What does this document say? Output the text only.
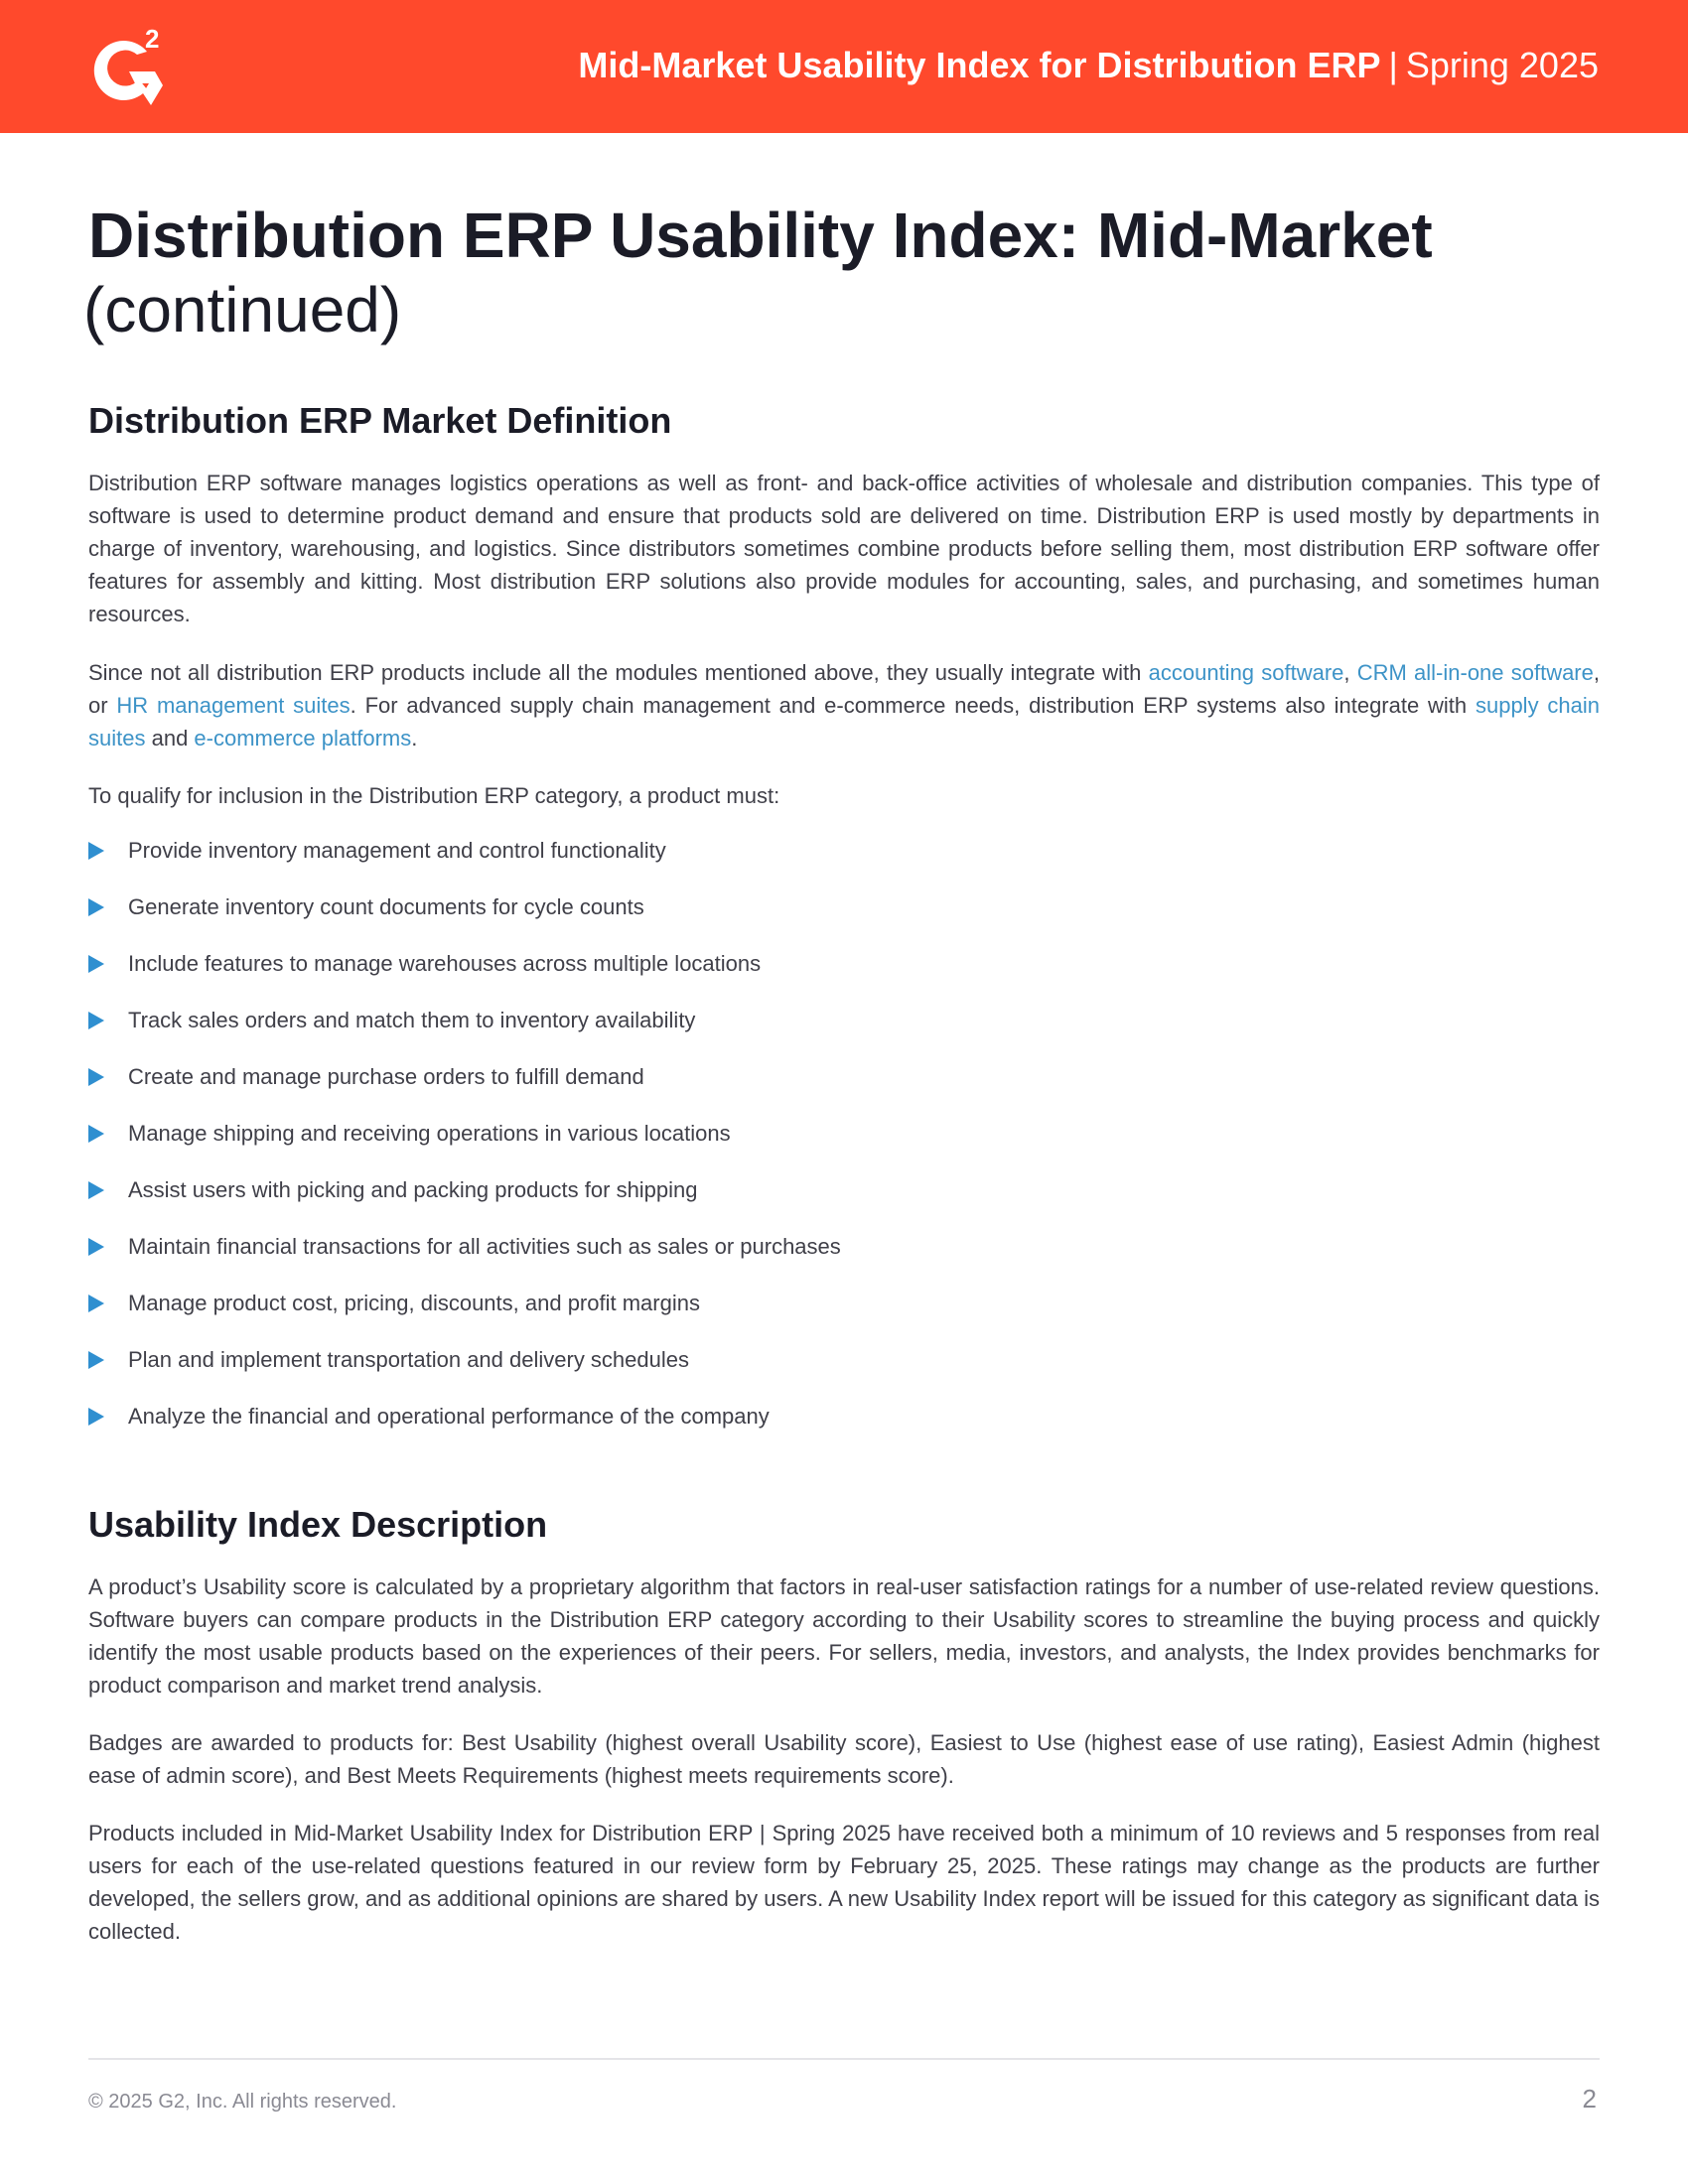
2
Mid-Market Usability Index for Distribution ERP | Spring 2025
Distribution ERP Usability Index: Mid-Market
(continued)
Distribution ERP Market Definition

Distribution ERP software manages logistics operations as well as front- and back-office activities of wholesale and distribution companies. This type of software is used to determine product demand and ensure that products sold are delivered on time. Distribution ERP is used mostly by departments in charge of inventory, warehousing, and logistics. Since distributors sometimes combine products before selling them, most distribution ERP software offer features for assembly and kitting. Most distribution ERP solutions also provide modules for accounting, sales, and purchasing, and sometimes human resources.

Since not all distribution ERP products include all the modules mentioned above, they usually integrate with accounting software, CRM all-in-one software, or HR management suites. For advanced supply chain management and e-commerce needs, distribution ERP systems also integrate with supply chain suites and e-commerce platforms.

To qualify for inclusion in the Distribution ERP category, a product must:

Provide inventory management and control functionality
Generate inventory count documents for cycle counts
Include features to manage warehouses across multiple locations
Track sales orders and match them to inventory availability
Create and manage purchase orders to fulfill demand
Manage shipping and receiving operations in various locations
Assist users with picking and packing products for shipping
Maintain financial transactions for all activities such as sales or purchases
Manage product cost, pricing, discounts, and profit margins
Plan and implement transportation and delivery schedules
Analyze the financial and operational performance of the company
Usability Index Description

A product’s Usability score is calculated by a proprietary algorithm that factors in real-user satisfaction ratings for a number of use-related review questions. Software buyers can compare products in the Distribution ERP category according to their Usability scores to streamline the buying process and quickly identify the most usable products based on the experiences of their peers. For sellers, media, investors, and analysts, the Index provides benchmarks for product comparison and market trend analysis.

Badges are awarded to products for: Best Usability (highest overall Usability score), Easiest to Use (highest ease of use rating), Easiest Admin (highest ease of admin score), and Best Meets Requirements (highest meets requirements score).

Products included in Mid-Market Usability Index for Distribution ERP | Spring 2025 have received both a minimum of 10 reviews and 5 responses from real users for each of the use-related questions featured in our review form by February 25, 2025. These ratings may change as the products are further developed, the sellers grow, and as additional opinions are shared by users. A new Usability Index report will be issued for this category as significant data is collected.

© 2025 G2, Inc. All rights reserved.	2
